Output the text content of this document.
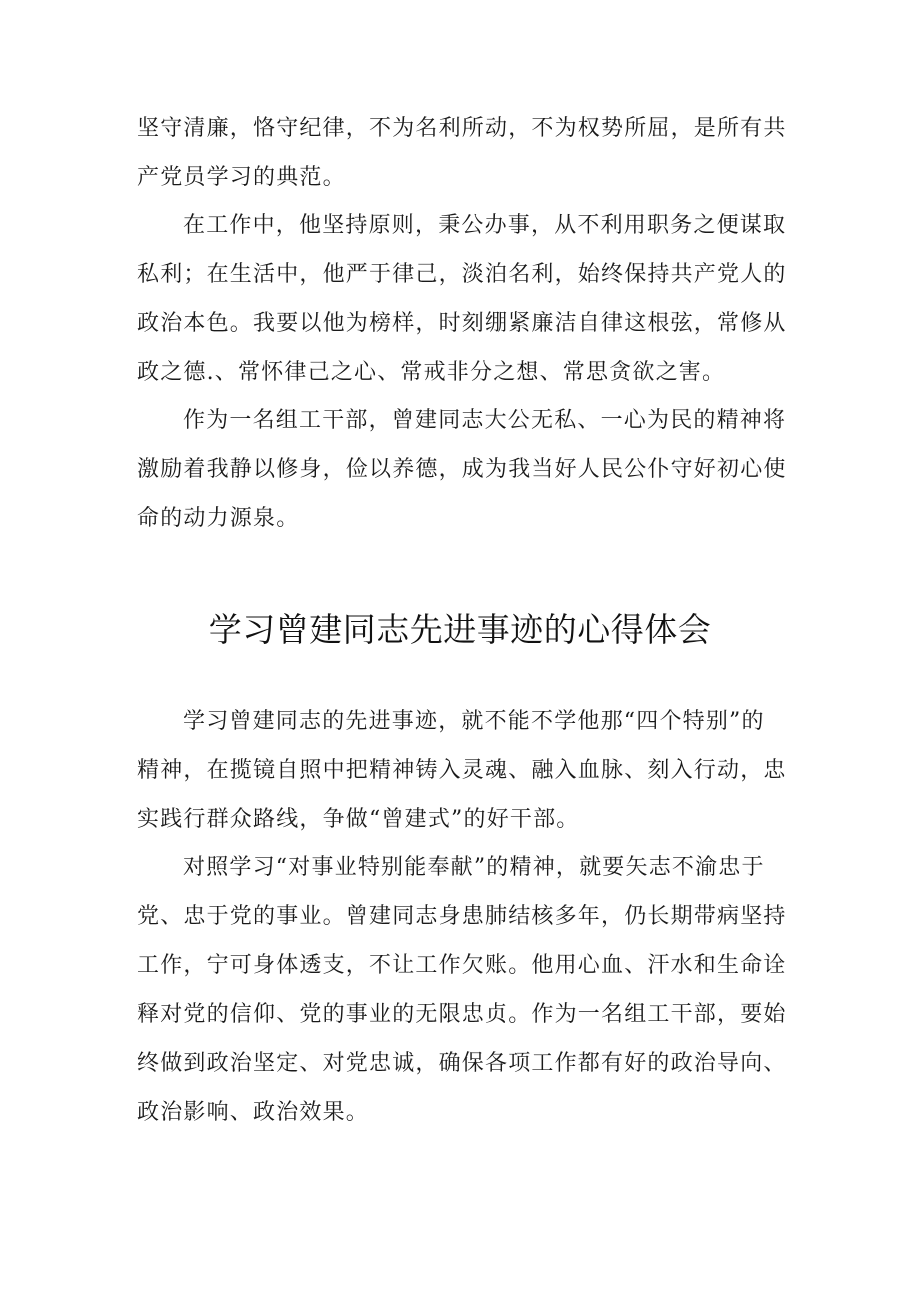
坚守清廉，恪守纪律，不为名利所动，不为权势所屈，是所有共
产党员学习的典范。
在工作中，他坚持原则，秉公办事，从不利用职务之便谋取
私利；在生活中，他严于律己，淡泊名利，始终保持共产党人的
政治本色。我要以他为榜样，时刻绷紧廉洁自律这根弦，常修从
政之德.、常怀律己之心、常戒非分之想、常思贪欲之害。
作为一名组工干部，曾建同志大公无私、一心为民的精神将
激励着我静以修身，俭以养德，成为我当好人民公仆守好初心使
命的动力源泉。
学习曾建同志先进事迹的心得体会
学习曾建同志的先进事迹，就不能不学他那“四个特别”的
精神，在揽镜自照中把精神铸入灵魂、融入血脉、刻入行动，忠
实践行群众路线，争做“曾建式”的好干部。
对照学习“对事业特别能奉献”的精神，就要矢志不渝忠于
党、忠于党的事业。曾建同志身患肺结核多年，仍长期带病坚持
工作，宁可身体透支，不让工作欠账。他用心血、汗水和生命诠
释对党的信仰、党的事业的无限忠贞。作为一名组工干部，要始
终做到政治坚定、对党忠诚，确保各项工作都有好的政治导向、
政治影响、政治效果。
